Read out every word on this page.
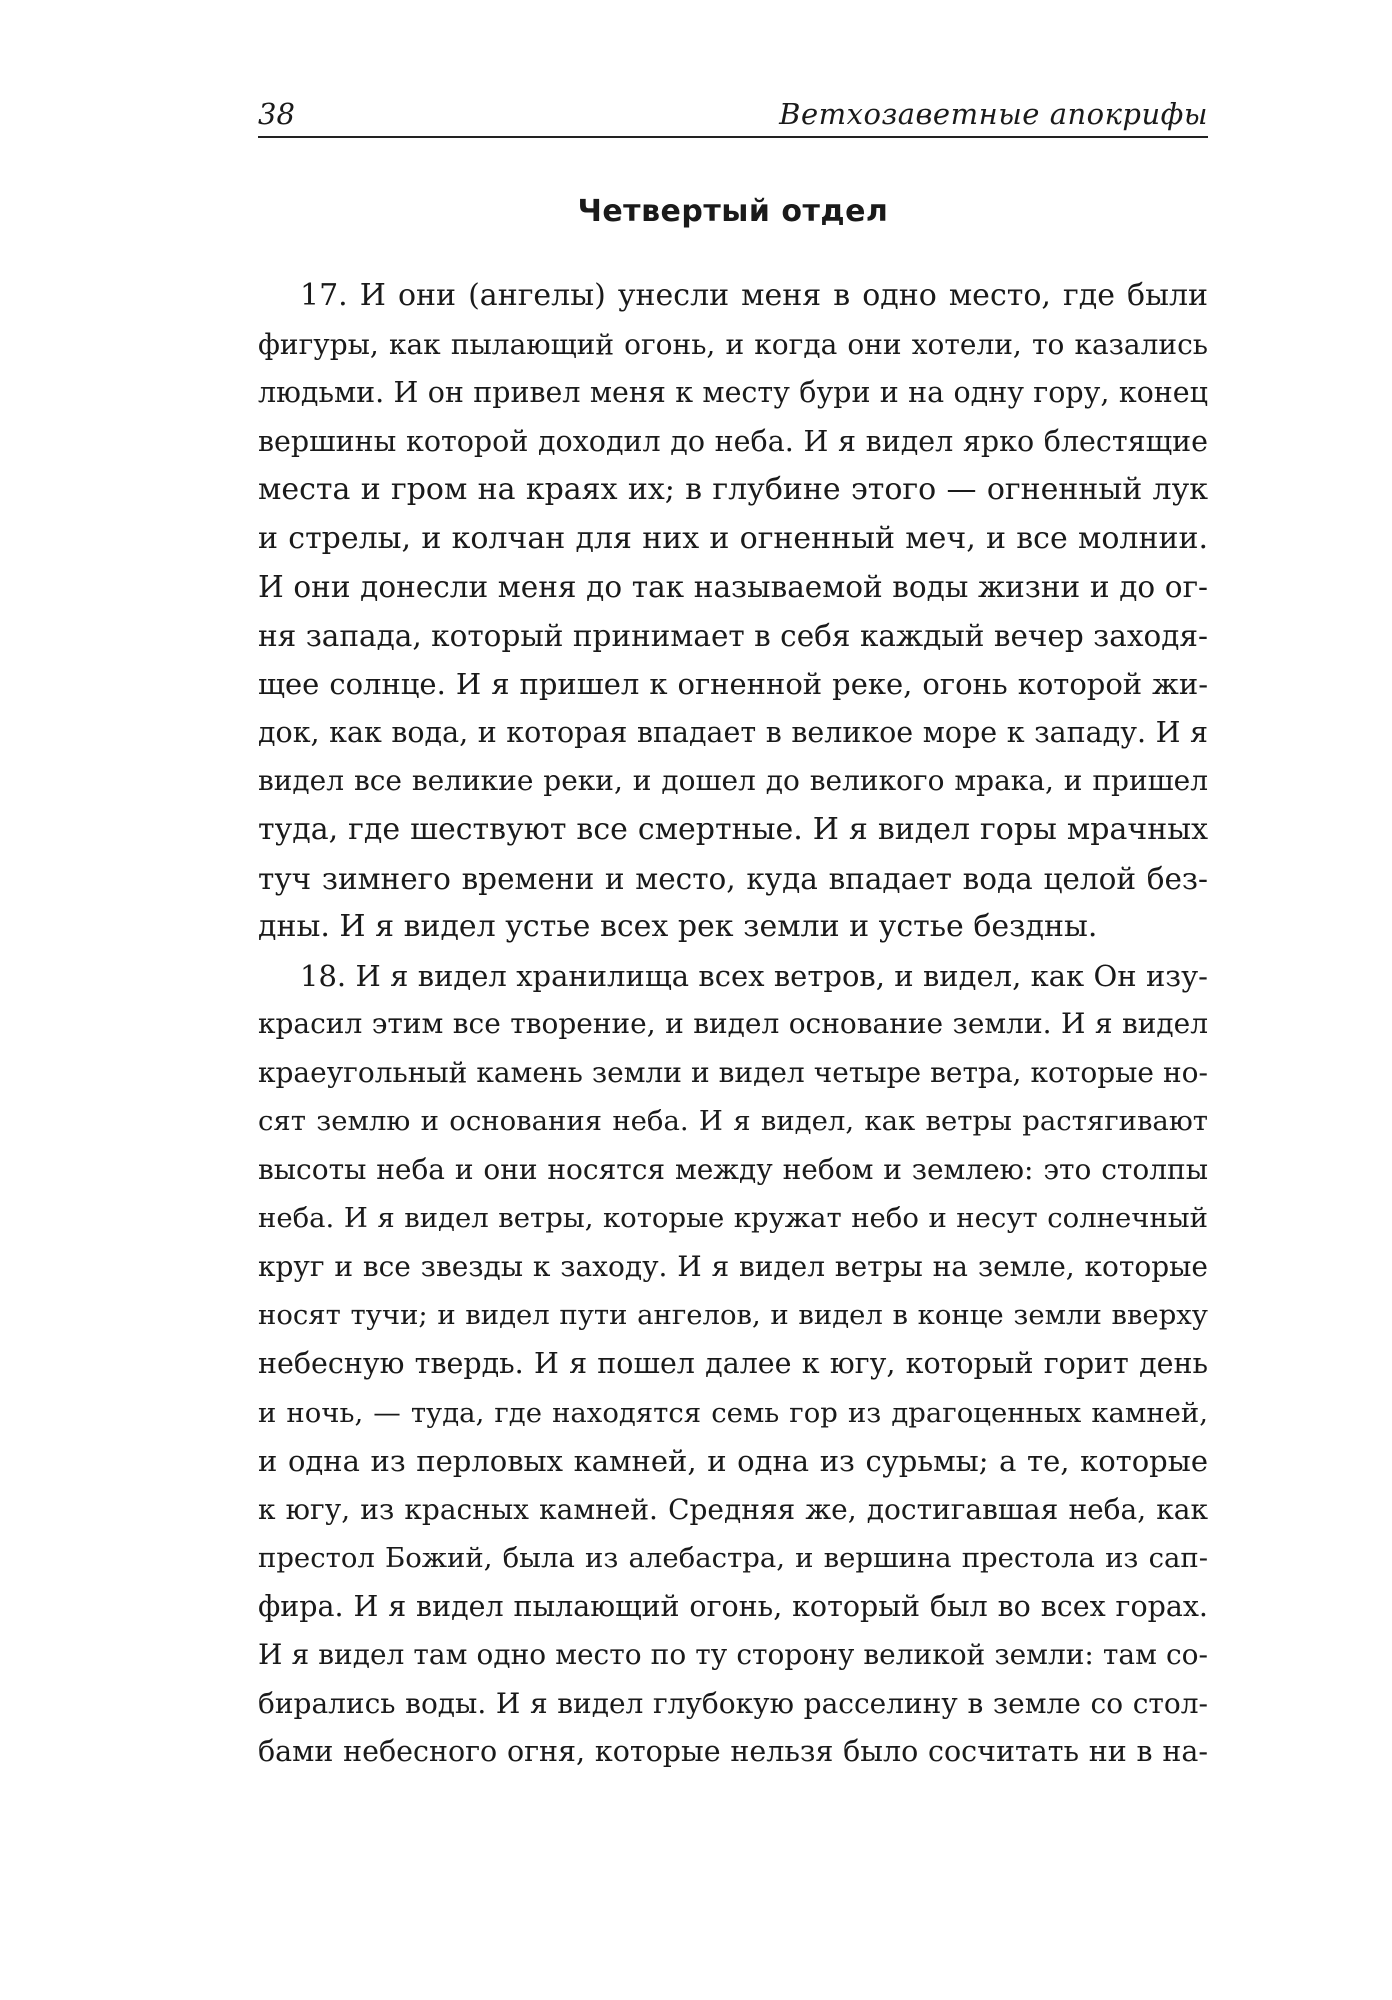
38	Ветхозаветные апокрифы
Четвертый отдел
17. И они (ангелы) унесли меня в одно место, где были
фигуры, как пылающий огонь, и когда они хотели, то казались
людьми. И он привел меня к месту бури и на одну гору, конец
вершины которой доходил до неба. И я видел ярко блестящие
места и гром на краях их; в глубине этого — огненный лук
и стрелы, и колчан для них и огненный меч, и все молнии.
И они донесли меня до так называемой воды жизни и до ог-
ня запада, который принимает в себя каждый вечер заходя-
щее солнце. И я пришел к огненной реке, огонь которой жи-
док, как вода, и которая впадает в великое море к западу. И я
видел все великие реки, и дошел до великого мрака, и пришел
туда, где шествуют все смертные. И я видел горы мрачных
туч зимнего времени и место, куда впадает вода целой без-
дны. И я видел устье всех рек земли и устье бездны.
18. И я видел хранилища всех ветров, и видел, как Он изу-
красил этим все творение, и видел основание земли. И я видел
краеугольный камень земли и видел четыре ветра, которые но-
сят землю и основания неба. И я видел, как ветры растягивают
высоты неба и они носятся между небом и землею: это столпы
неба. И я видел ветры, которые кружат небо и несут солнечный
круг и все звезды к заходу. И я видел ветры на земле, которые
носят тучи; и видел пути ангелов, и видел в конце земли вверху
небесную твердь. И я пошел далее к югу, который горит день
и ночь, — туда, где находятся семь гор из драгоценных камней,
и одна из перловых камней, и одна из сурьмы; а те, которые
к югу, из красных камней. Средняя же, достигавшая неба, как
престол Божий, была из алебастра, и вершина престола из сап-
фира. И я видел пылающий огонь, который был во всех горах.
И я видел там одно место по ту сторону великой земли: там со-
бирались воды. И я видел глубокую расселину в земле со стол-
бами небесного огня, которые нельзя было сосчитать ни в на-
